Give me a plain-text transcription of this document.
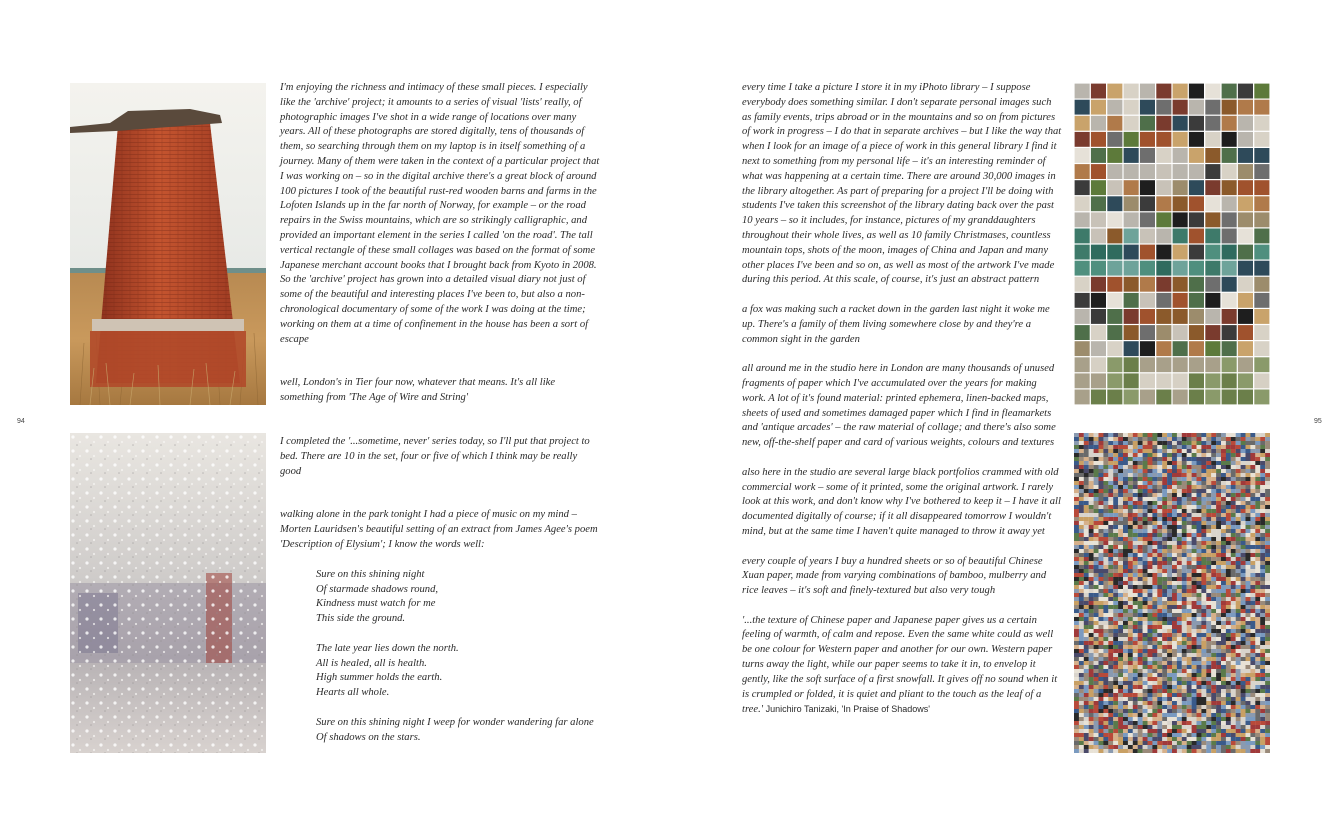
94	95

I'm enjoying the richness and intimacy of these small pieces. I especially like the 'archive' project; it amounts to a series of visual 'lists' really, of photographic images I've shot in a wide range of locations over many years. All of these photographs are stored digitally, tens of thousands of them, so searching through them on my laptop is in itself something of a journey. Many of them were taken in the context of a particular project that I was working on – so in the digital archive there's a great block of around 100 pictures I took of the beautiful rust-red wooden barns and farms in the Lofoten Islands up in the far north of Norway, for example – or the road repairs in the Swiss mountains, which are so strikingly calligraphic, and provided an important element in the series I called 'on the road'. The tall vertical rectangle of these small collages was based on the format of some Japanese merchant account books that I brought back from Kyoto in 2008. So the 'archive' project has grown into a detailed visual diary not just of some of the beautiful and interesting places I've been to, but also a non-chronological documentary of some of the work I was doing at the time; working on them at a time of confinement in the house has been a sort of escape

well, London's in Tier four now, whatever that means. It's all like something from 'The Age of Wire and String'

I completed the '...sometime, never' series today, so I'll put that project to bed. There are 10 in the set, four or five of which I think may be really good

walking alone in the park tonight I had a piece of music on my mind – Morten Lauridsen's beautiful setting of an extract from James Agee's poem 'Description of Elysium'; I know the words well:

Sure on this shining night

Of starmade shadows round,

Kindness must watch for me

This side the ground.

The late year lies down the north.

All is healed, all is health.

High summer holds the earth.

Hearts all whole.

Sure on this shining night I weep for wonder wandering far alone

Of shadows on the stars.

every time I take a picture I store it in my iPhoto library – I suppose everybody does something similar. I don't separate personal images such as family events, trips abroad or in the mountains and so on from pictures of work in progress – I do that in separate archives – but I like the way that when I look for an image of a piece of work in this general library I find it next to something from my personal life – it's an interesting reminder of what was happening at a certain time. There are around 30,000 images in the library altogether. As part of preparing for a project I'll be doing with students I've taken this screenshot of the library dating back over the past 10 years – so it includes, for instance, pictures of my granddaughters throughout their whole lives, as well as 10 family Christmases, countless mountain tops, shots of the moon, images of China and Japan and many other places I've been and so on, as well as most of the artwork I've made during this period. At this scale, of course, it's just an abstract pattern

a fox was making such a racket down in the garden last night it woke me up. There's a family of them living somewhere close by and they're a common sight in the garden

all around me in the studio here in London are many thousands of unused fragments of paper which I've accumulated over the years for making work. A lot of it's found material: printed ephemera, linen-backed maps, sheets of used and sometimes damaged paper which I find in fleamarkets and 'antique arcades' – the raw material of collage; and there's also some new, off-the-shelf paper and card of various weights, colours and textures

also here in the studio are several large black portfolios crammed with old commercial work – some of it printed, some the original artwork. I rarely look at this work, and don't know why I've bothered to keep it – I have it all documented digitally of course; if it all disappeared tomorrow I wouldn't mind, but at the same time I haven't quite managed to throw it away yet

every couple of years I buy a hundred sheets or so of beautiful Chinese Xuan paper, made from varying combinations of bamboo, mulberry and rice leaves – it's soft and finely-textured but also very tough

'...the texture of Chinese paper and Japanese paper gives us a certain feeling of warmth, of calm and repose. Even the same white could as well be one colour for Western paper and another for our own. Western paper turns away the light, while our paper seems to take it in, to envelop it gently, like the soft surface of a first snowfall. It gives off no sound when it is crumpled or folded, it is quiet and pliant to the touch as the leaf of a tree.' Junichiro Tanizaki, 'In Praise of Shadows'
